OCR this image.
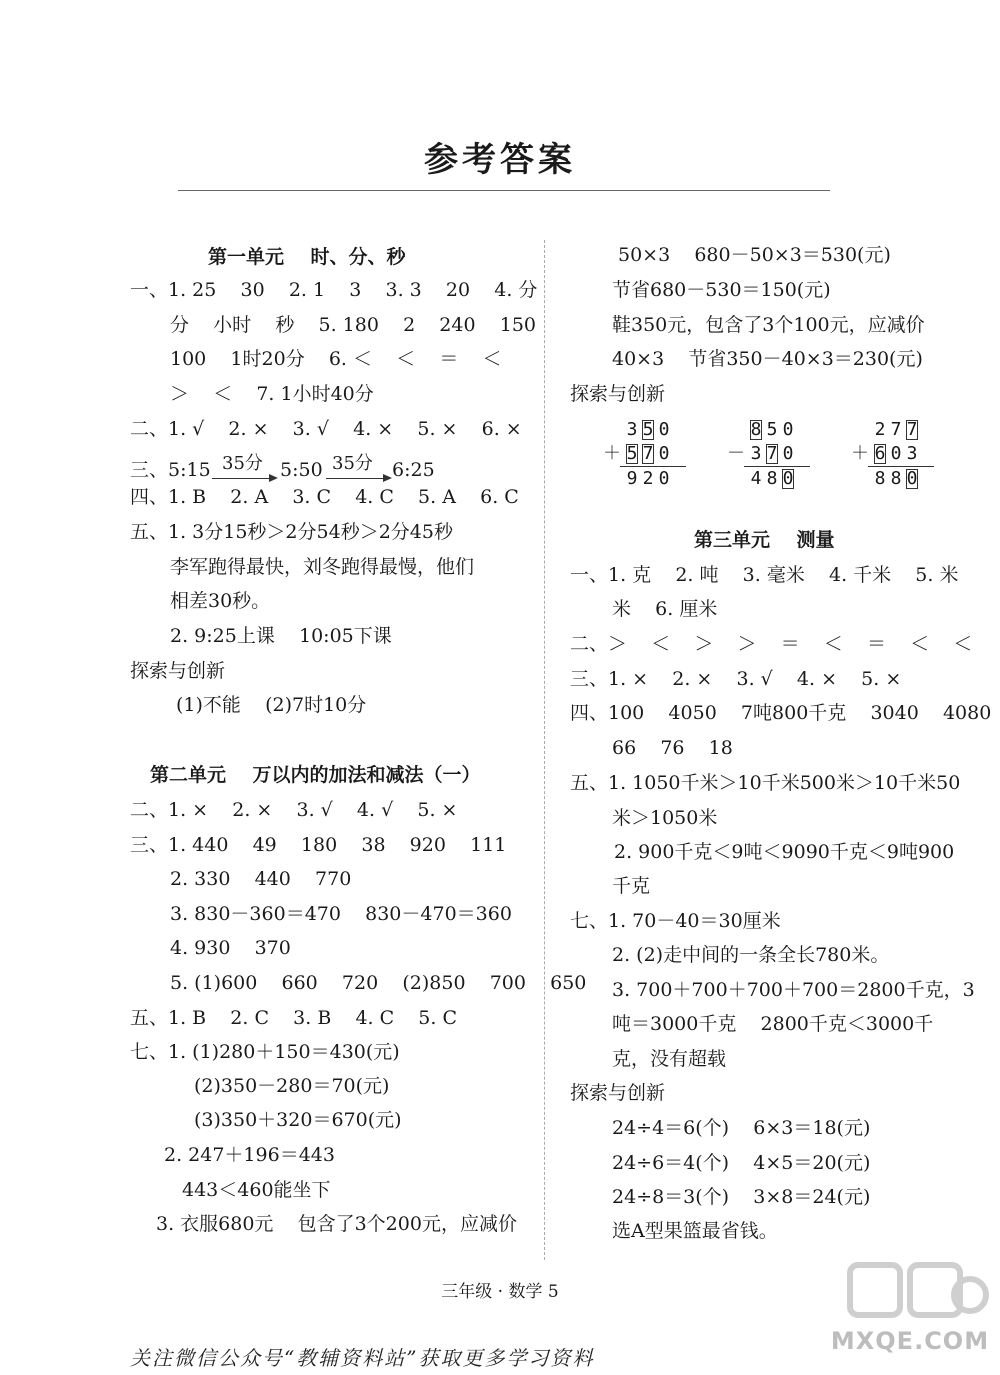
参考答案
第一单元    时、分、秒
一、1. 25    30    2. 1    3    3. 3    20    4. 分
分    小时    秒    5. 180    2    240    150
100    1时20分    6. ＜    ＜    ＝    ＜
＞    ＜    7. 1小时40分
二、1. √    2. ×    3. √    4. ×    5. ×    6. ×
三、5:15
四、1. B    2. A    3. C    4. C    5. A    6. C
五、1. 3分15秒＞2分54秒＞2分45秒
李军跑得最快，刘冬跑得最慢，他们
相差30秒。
2. 9:25上课    10:05下课
探索与创新
(1)不能    (2)7时10分
第二单元    万以内的加法和减法（一）
二、1. ×    2. ×    3. √    4. √    5. ×
三、1. 440    49    180    38    920    111
2. 330    440    770
3. 830－360＝470    830－470＝360
4. 930    370
5. (1)600    660    720    (2)850    700    650
五、1. B    2. C    3. B    4. C    5. C
七、1. (1)280＋150＝430(元)
(2)350－280＝70(元)
(3)350＋320＝670(元)
2. 247＋196＝443
443＜460能坐下
3. 衣服680元    包含了3个200元，应减价
50×3    680－50×3＝530(元)
节省680－530＝150(元)
鞋350元，包含了3个100元，应减价
40×3    节省350－40×3＝230(元)
探索与创新
第三单元    测量
一、1. 克    2. 吨    3. 毫米    4. 千米    5. 米
米    6. 厘米
二、＞    ＜    ＞    ＞    ＝    ＜    ＝    ＜    ＜
三、1. ×    2. ×    3. √    4. ×    5. ×
四、100    4050    7吨800千克    3040    4080
66    76    18
五、1. 1050千米＞10千米500米＞10千米50
米＞1050米
2. 900千克＜9吨＜9090千克＜9吨900
千克
七、1. 70－40＝30厘米
2. (2)走中间的一条全长780米。
3. 700＋700＋700＋700＝2800千克，3
吨＝3000千克    2800千克＜3000千
克，没有超载
探索与创新
24÷4＝6(个)    6×3＝18(元)
24÷6＝4(个)    4×5＝20(元)
24÷8＝3(个)    3×8＝24(元)
选A型果篮最省钱。
35分 5:50 35分 6:25
3 5 0
＋ 5 7 0
9 2 0
8 5 0
－ 3 7 0
4 8 0
2 7 7
＋ 6 0 3
8 8 0
三年级 · 数学 5
关注微信公众号“教辅资料站”获取更多学习资料
MXQE.COM
